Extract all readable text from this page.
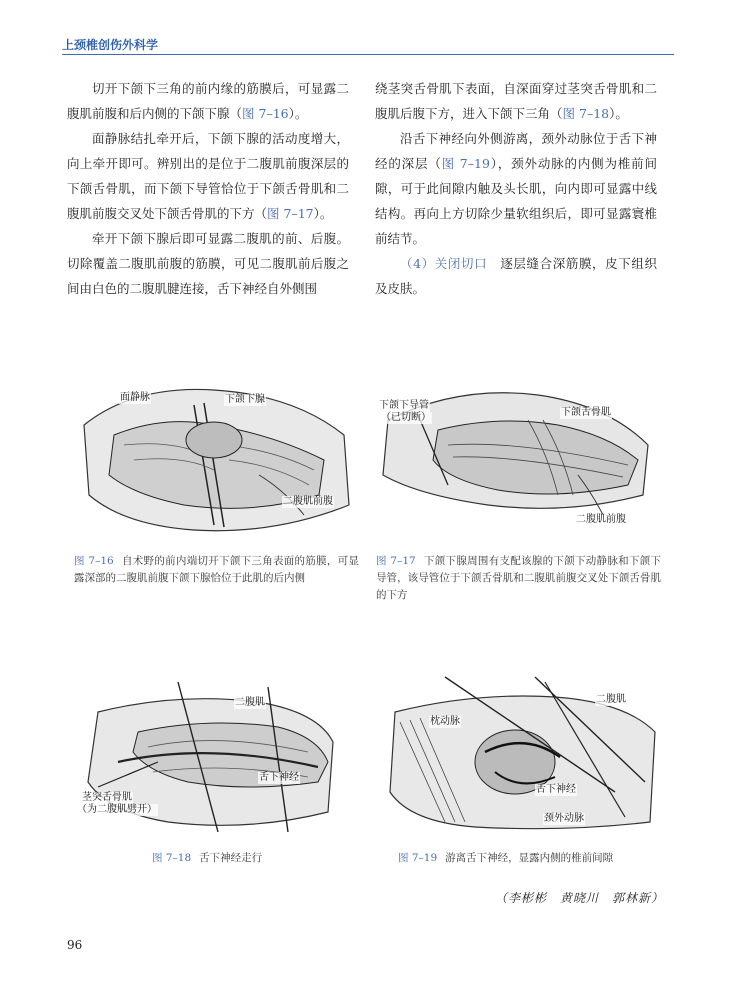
上颈椎创伤外科学

切开下颌下三角的前内缘的筋膜后，可显露二腹肌前腹和后内侧的下颌下腺（图 7–16）。

面静脉结扎牵开后，下颌下腺的活动度增大，向上牵开即可。辨别出的是位于二腹肌前腹深层的下颌舌骨肌，而下颌下导管恰位于下颌舌骨肌和二腹肌前腹交叉处下颌舌骨肌的下方（图 7–17）。

牵开下颌下腺后即可显露二腹肌的前、后腹。切除覆盖二腹肌前腹的筋膜，可见二腹肌前后腹之间由白色的二腹肌腱连接，舌下神经自外侧围

绕茎突舌骨肌下表面，自深面穿过茎突舌骨肌和二腹肌后腹下方，进入下颌下三角（图 7–18）。

沿舌下神经向外侧游离，颈外动脉位于舌下神经的深层（图 7–19），颈外动脉的内侧为椎前间隙，可于此间隙内触及头长肌，向内即可显露中线结构。再向上方切除少量软组织后，即可显露寰椎前结节。

（4）关闭切口　 逐层缝合深筋膜，皮下组织及皮肤。

面静脉	下颌下腺
二腹肌前腹
图 7–16 自术野的前内端切开下颌下三角表面的筋膜，可显露深部的二腹肌前腹下颌下腺恰位于此肌的后内侧
下颌下导管
（已切断）	下颌舌骨肌
二腹肌前腹
图 7–17 下颌下腺周围有支配该腺的下颌下动静脉和下颌下导管，该导管位于下颌舌骨肌和二腹肌前腹交叉处下颌舌骨肌的下方
二腹肌
舌下神经
茎突舌骨肌
（为二腹肌劈开）
图 7–18 舌下神经走行
二腹肌
枕动脉
舌下神经
颈外动脉
图 7–19 游离舌下神经，显露内侧的椎前间隙
（李彬彬　黄晓川　郭林新）
96
